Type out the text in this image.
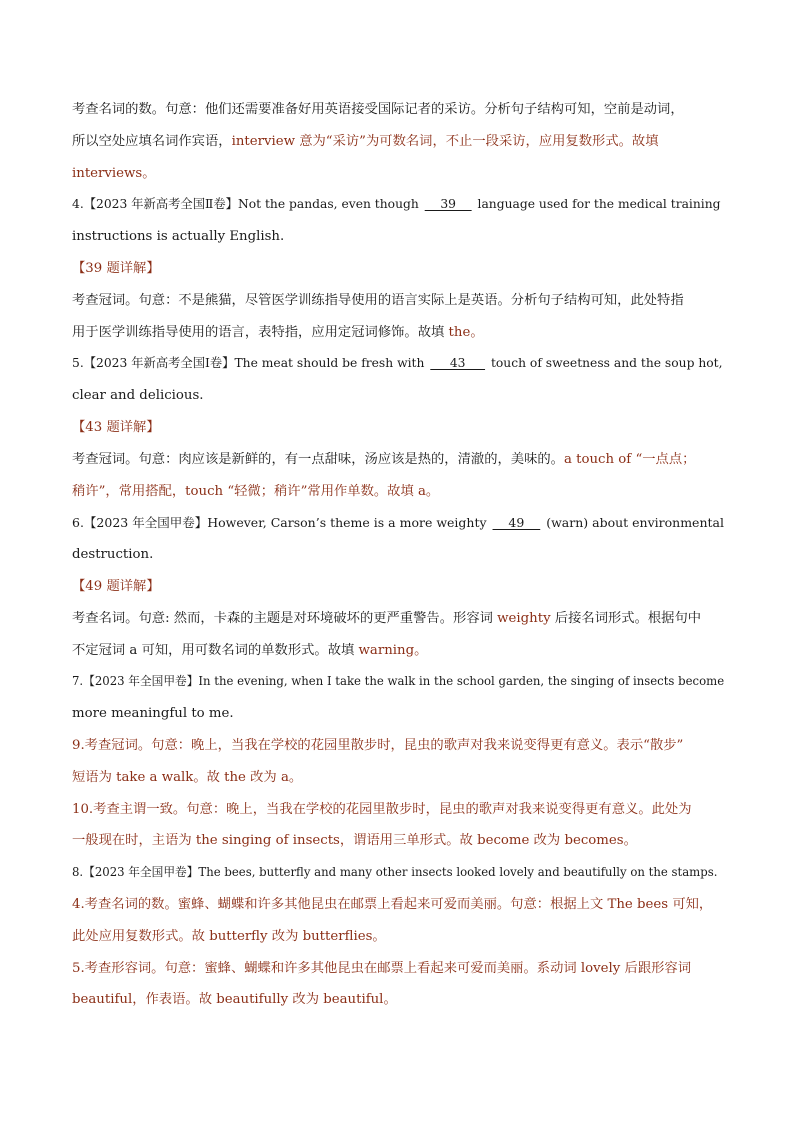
考查名词的数。句意：他们还需要准备好用英语接受国际记者的采访。分析句子结构可知，空前是动词，
所以空处应填名词作宾语，interview 意为“采访”为可数名词，不止一段采访，应用复数形式。故填
interviews。
4.【2023 年新高考全国Ⅱ卷】Not the pandas, even though     39     language used for the medical training
instructions is actually English.
【39 题详解】
考查冠词。句意：不是熊猫，尽管医学训练指导使用的语言实际上是英语。分析句子结构可知，此处特指
用于医学训练指导使用的语言，表特指，应用定冠词修饰。故填 the。
5.【2023 年新高考全国Ⅰ卷】The meat should be fresh with      43      touch of sweetness and the soup hot,
clear and delicious.
【43 题详解】
考查冠词。句意：肉应该是新鲜的，有一点甜味，汤应该是热的，清澈的，美味的。a touch of “一点点；
稍许”，常用搭配，touch “轻微；稍许”常用作单数。故填 a。
6.【2023 年全国甲卷】However, Carson’s theme is a more weighty     49     (warn) about environmental
destruction.
【49 题详解】
考查名词。句意: 然而，卡森的主题是对环境破坏的更严重警告。形容词 weighty 后接名词形式。根据句中
不定冠词 a 可知，用可数名词的单数形式。故填 warning。
7.【2023 年全国甲卷】In the evening, when I take the walk in the school garden, the singing of insects become
more meaningful to me.
9.考查冠词。句意：晚上，当我在学校的花园里散步时，昆虫的歌声对我来说变得更有意义。表示“散步”
短语为 take a walk。故 the 改为 a。
10.考查主谓一致。句意：晚上，当我在学校的花园里散步时，昆虫的歌声对我来说变得更有意义。此处为
一般现在时，主语为 the singing of insects，谓语用三单形式。故 become 改为 becomes。
8.【2023 年全国甲卷】The bees, butterfly and many other insects looked lovely and beautifully on the stamps.
4.考查名词的数。蜜蜂、蝴蝶和许多其他昆虫在邮票上看起来可爱而美丽。句意：根据上文 The bees 可知，
此处应用复数形式。故 butterfly 改为 butterflies。
5.考查形容词。句意：蜜蜂、蝴蝶和许多其他昆虫在邮票上看起来可爱而美丽。系动词 lovely 后跟形容词
beautiful，作表语。故 beautifully 改为 beautiful。
